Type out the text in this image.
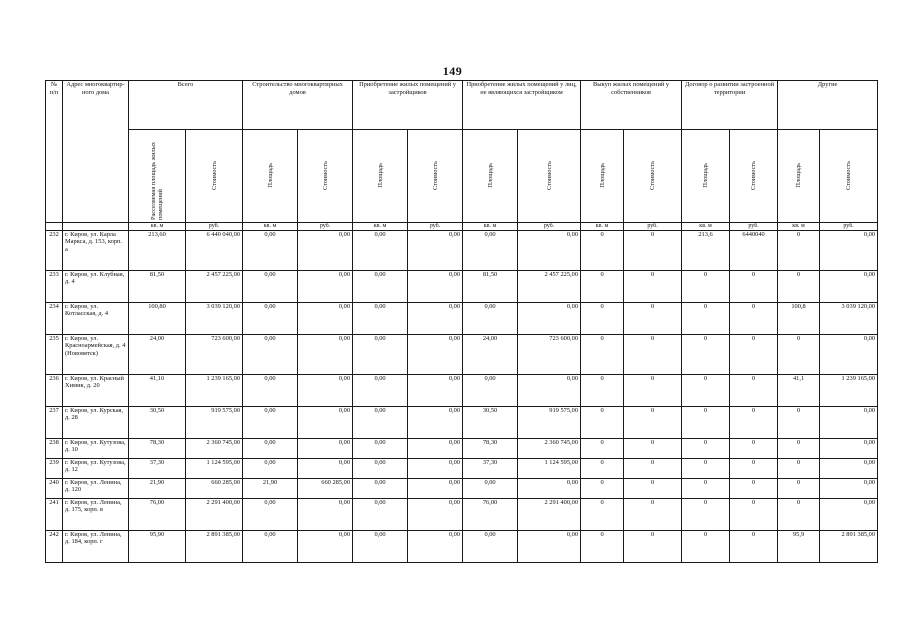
149
№ п/п	Адрес многоквартир-ного дома	Всего		Строительство многоквартирных домов		Приобретение жилых помещений у застройщиков		Приобретение жилых помещений у лиц, не являющихся застройщиком		Выкуп жилых помещений у собственников		Договор о развитии застроенной территории		Другие	

		Расселяемая площадь жилых помещений	Стоимость	Площадь	Стоимость	Площадь	Стоимость	Площадь	Стоимость	Площадь	Стоимость	Площадь	Стоимость	Площадь	Стоимость

		кв. м	руб.	кв. м	руб.	кв. м	руб.	кв. м	руб.	кв. м	руб.	кв. м	руб.	кв. м	руб.
232	г. Киров, ул. Карла Маркса, д. 153, корп. а	213,60	6 440 040,00	0,00	0,00	0,00	0,00	0,00	0,00	0	0	213,6	6440040	0	0,00
233	г. Киров, ул. Клубная, д. 4	81,50	2 457 225,00	0,00	0,00	0,00	0,00	81,50	2 457 225,00	0	0	0	0	0	0,00
234	г. Киров, ул. Котласская, д. 4	100,80	3 039 120,00	0,00	0,00	0,00	0,00	0,00	0,00	0	0	0	0	100,8	3 039 120,00
235	г. Киров, ул. Красноармейская, д. 4 (Нововятск)	24,00	723 600,00	0,00	0,00	0,00	0,00	24,00	723 600,00	0	0	0	0	0	0,00
236	г. Киров, ул. Красный Химик, д. 20	41,10	1 239 165,00	0,00	0,00	0,00	0,00	0,00	0,00	0	0	0	0	41,1	1 239 165,00
237	г. Киров, ул. Курская, д. 28	30,50	919 575,00	0,00	0,00	0,00	0,00	30,50	919 575,00	0	0	0	0	0	0,00
238	г. Киров, ул. Кутузова, д. 10	78,30	2 360 745,00	0,00	0,00	0,00	0,00	78,30	2 360 745,00	0	0	0	0	0	0,00
239	г. Киров, ул. Кутузова, д. 12	37,30	1 124 595,00	0,00	0,00	0,00	0,00	37,30	1 124 595,00	0	0	0	0	0	0,00
240	г. Киров, ул. Ленина, д. 120	21,90	660 285,00	21,90	660 285,00	0,00	0,00	0,00	0,00	0	0	0	0	0	0,00
241	г. Киров, ул. Ленина, д. 175, корп. в	76,00	2 291 400,00	0,00	0,00	0,00	0,00	76,00	2 291 400,00	0	0	0	0	0	0,00
242	г. Киров, ул. Ленина, д. 184, корп. г	95,90	2 891 385,00	0,00	0,00	0,00	0,00	0,00	0,00	0	0	0	0	95,9	2 891 385,00
